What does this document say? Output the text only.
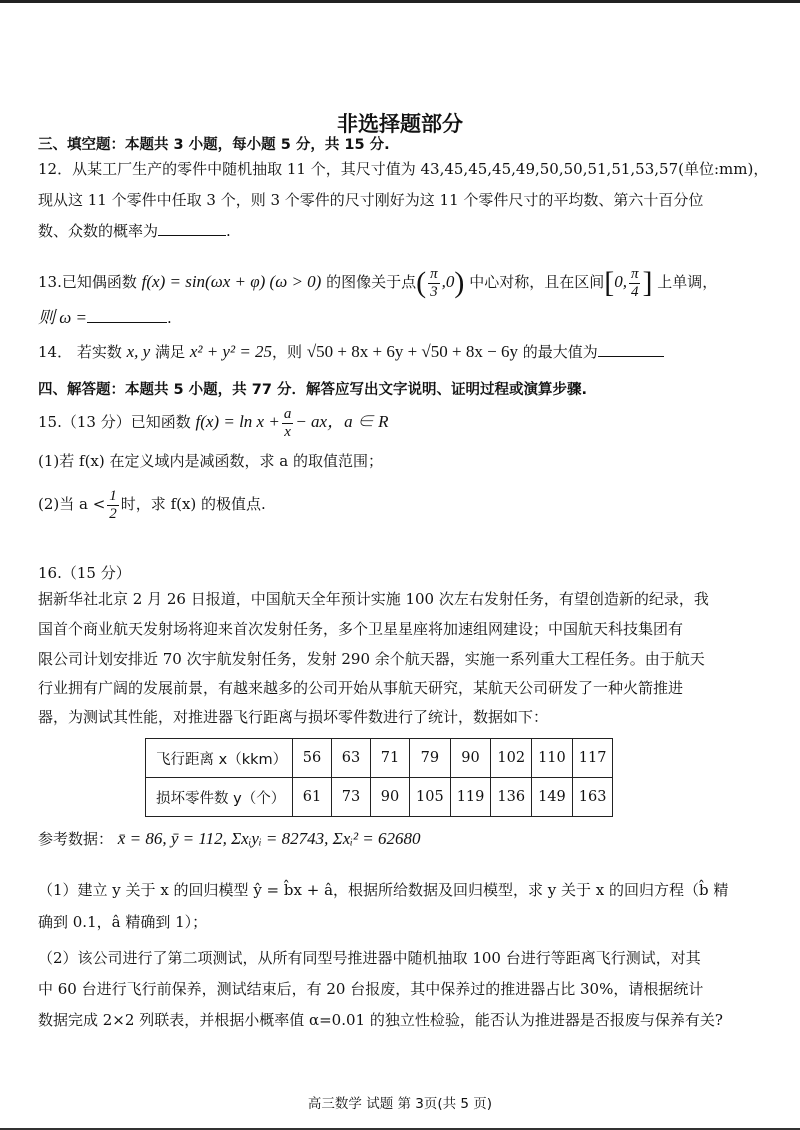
非选择题部分
三、填空题：本题共 3 小题，每小题 5 分，共 15 分.
12．从某工厂生产的零件中随机抽取 11 个，其尺寸值为 43,45,45,45,49,50,50,51,51,53,57(单位:mm)，
现从这 11 个零件中任取 3 个，则 3 个零件的尺寸刚好为这 11 个零件尺寸的平均数、第六十百分位
数、众数的概率为	.
13.已知偶函数 f(x) = sin(ωx + φ) (ω > 0) 的图像关于点( $\frac{\pi}{3} ,0$) 中心对称，且在区间[0, $\frac{\pi}{4}$ ] 上单调，
则 ω =	.
14． 若实数 x, y 满足 x² + y² = 25，则 √50 + 8x + 6y + √50 + 8x − 6y 的最大值为
四、解答题：本题共 5 小题，共 77 分．解答应写出文字说明、证明过程或演算步骤.
15.（13 分）已知函数 $f(x) = \ln x + \frac{a}{x}$ − ax，a ∈ R
(1)若 f(x) 在定义域内是减函数，求 a 的取值范围；
(2)当 $a < \frac{1}{2}$ 时，求 f(x) 的极值点.
16.（15 分）
据新华社北京 2 月 26 日报道，中国航天全年预计实施 100 次左右发射任务，有望创造新的纪录，我
国首个商业航天发射场将迎来首次发射任务，多个卫星星座将加速组网建设；中国航天科技集团有
限公司计划安排近 70 次宇航发射任务，发射 290 余个航天器，实施一系列重大工程任务。由于航天
行业拥有广阔的发展前景，有越来越多的公司开始从事航天研究，某航天公司研发了一种火箭推进
器，为测试其性能，对推进器飞行距离与损坏零件数进行了统计，数据如下：
飞行距离 x（kkm）	56	63	71	79	90	102	110	117
损坏零件数 y（个）	61	73	90	105	119	136	149	163
参考数据： x̄ = 86, ȳ = 112, Σxᵢyᵢ = 82743, Σxᵢ² = 62680
（1）建立 y 关于 x 的回归模型 ŷ = b̂x + â，根据所给数据及回归模型，求 y 关于 x 的回归方程（b̂ 精
确到 0.1，â 精确到 1）；
（2）该公司进行了第二项测试，从所有同型号推进器中随机抽取 100 台进行等距离飞行测试，对其
中 60 台进行飞行前保养，测试结束后，有 20 台报废，其中保养过的推进器占比 30%，请根据统计
数据完成 2×2 列联表，并根据小概率值 α=0.01 的独立性检验，能否认为推进器是否报废与保养有关?
高三数学 试题 第 3页(共 5 页)
